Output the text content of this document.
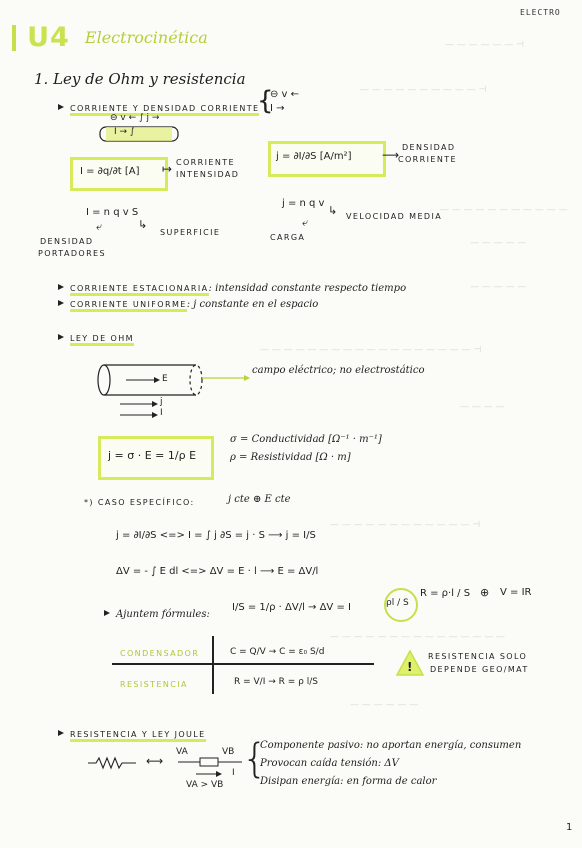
— — — — — — ⊣
— — — — — — — — — — ⊣
— — — — — — — — — — —
— — — — —
— — — — —
— — — — — — — — — — — — — — — — — — ⊣
— — — —
— — — — — — — — — — — — ⊣
— — — — — — — — — — — — — — —
— — — — — —
ELECTRO
U4 Electrocinética
1. Ley de Ohm y resistencia
CORRIENTE Y DENSIDAD CORRIENTE
{
⊖ v ←
I →
⊖ v ← ∫ j →
I → ∫
I = ∂q/∂t [A] ↦ CORRIENTE
INTENSIDAD
j = ∂I/∂S [A/m²]	⟶
DENSIDAD
CORRIENTE
I = n q v S
⤶	↳
SUPERFICIE
DENSIDAD
PORTADORES
j = n q v
↳ VELOCIDAD MEDIA
⤶
CARGA
CORRIENTE ESTACIONARIA: intensidad constante respecto tiempo
CORRIENTE UNIFORME: j constante en el espacio
LEY DE OHM
E
campo eléctrico; no electrostático
j
I
j = σ · E = 1/ρ E
σ = Conductividad [Ω⁻¹ · m⁻¹]
ρ = Resistividad [Ω · m]
*) CASO ESPECÍFICO:	j cte ⊕ E cte
j = ∂I/∂S <=> I = ∫ j ∂S = j · S ⟶ j = I/S
ΔV = - ∫ E dl <=> ΔV = E · l ⟶ E = ΔV/l
Ajuntem fórmules:
I/S = 1/ρ · ΔV/l → ΔV = I	ρl / S
R = ρ·l / S ⊕ V = IR
CONDENSADOR	C = Q/V → C = ε₀ S/d
RESISTENCIA	R = V/I → R = ρ l/S
!
RESISTENCIA SOLO
DEPENDE GEO/MAT
RESISTENCIA Y LEY JOULE
⟷
VA	VB
I
VA > VB
{
Componente pasivo: no aportan energía, consumen
Provocan caída tensión: ΔV
Disipan energía: en forma de calor
1
